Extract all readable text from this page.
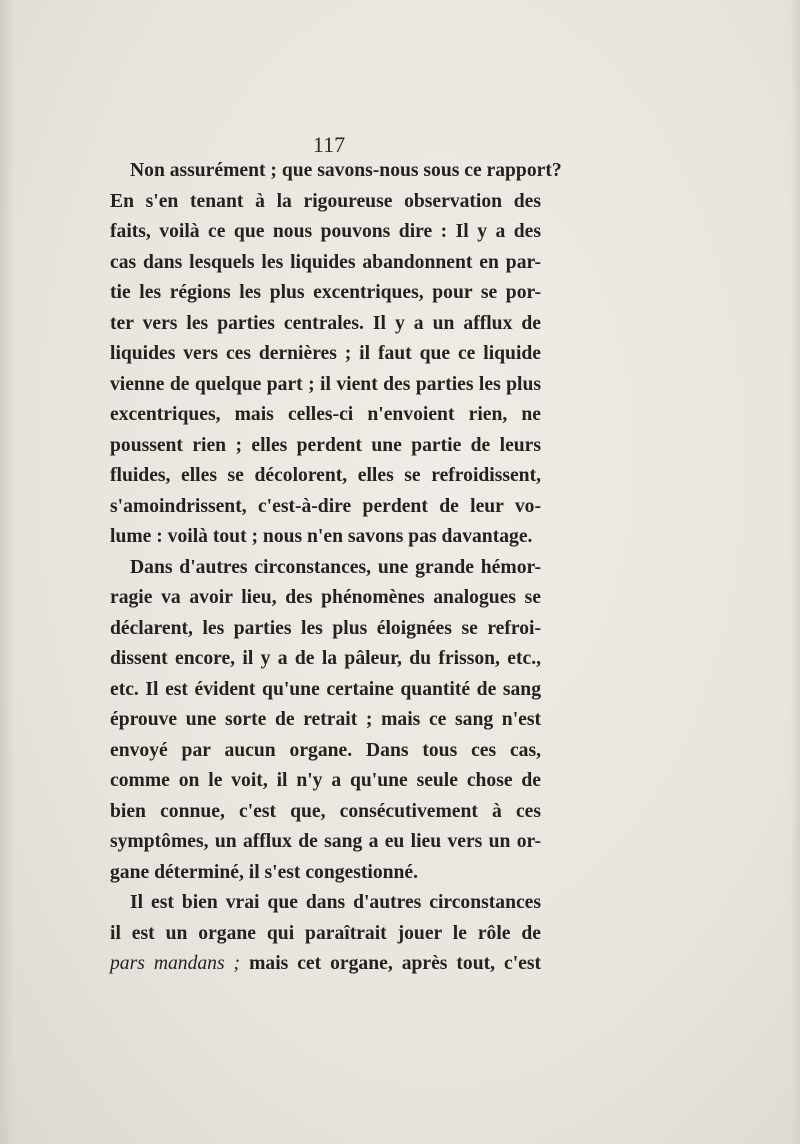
117
Non assurément ; que savons-nous sous ce rapport?
En s'en tenant à la rigoureuse observation des
faits, voilà ce que nous pouvons dire : Il y a des
cas dans lesquels les liquides abandonnent en par-
tie les régions les plus excentriques, pour se por-
ter vers les parties centrales. Il y a un afflux de
liquides vers ces dernières ; il faut que ce liquide
vienne de quelque part ; il vient des parties les plus
excentriques, mais celles-ci n'envoient rien, ne
poussent rien ; elles perdent une partie de leurs
fluides, elles se décolorent, elles se refroidissent,
s'amoindrissent, c'est-à-dire perdent de leur vo-
lume : voilà tout ; nous n'en savons pas davantage.
Dans d'autres circonstances, une grande hémor-
ragie va avoir lieu, des phénomènes analogues se
déclarent, les parties les plus éloignées se refroi-
dissent encore, il y a de la pâleur, du frisson, etc.,
etc. Il est évident qu'une certaine quantité de sang
éprouve une sorte de retrait ; mais ce sang n'est
envoyé par aucun organe. Dans tous ces cas,
comme on le voit, il n'y a qu'une seule chose de
bien connue, c'est que, consécutivement à ces
symptômes, un afflux de sang a eu lieu vers un or-
gane déterminé, il s'est congestionné.
Il est bien vrai que dans d'autres circonstances
il est un organe qui paraîtrait jouer le rôle de
pars mandans ; mais cet organe, après tout, c'est
